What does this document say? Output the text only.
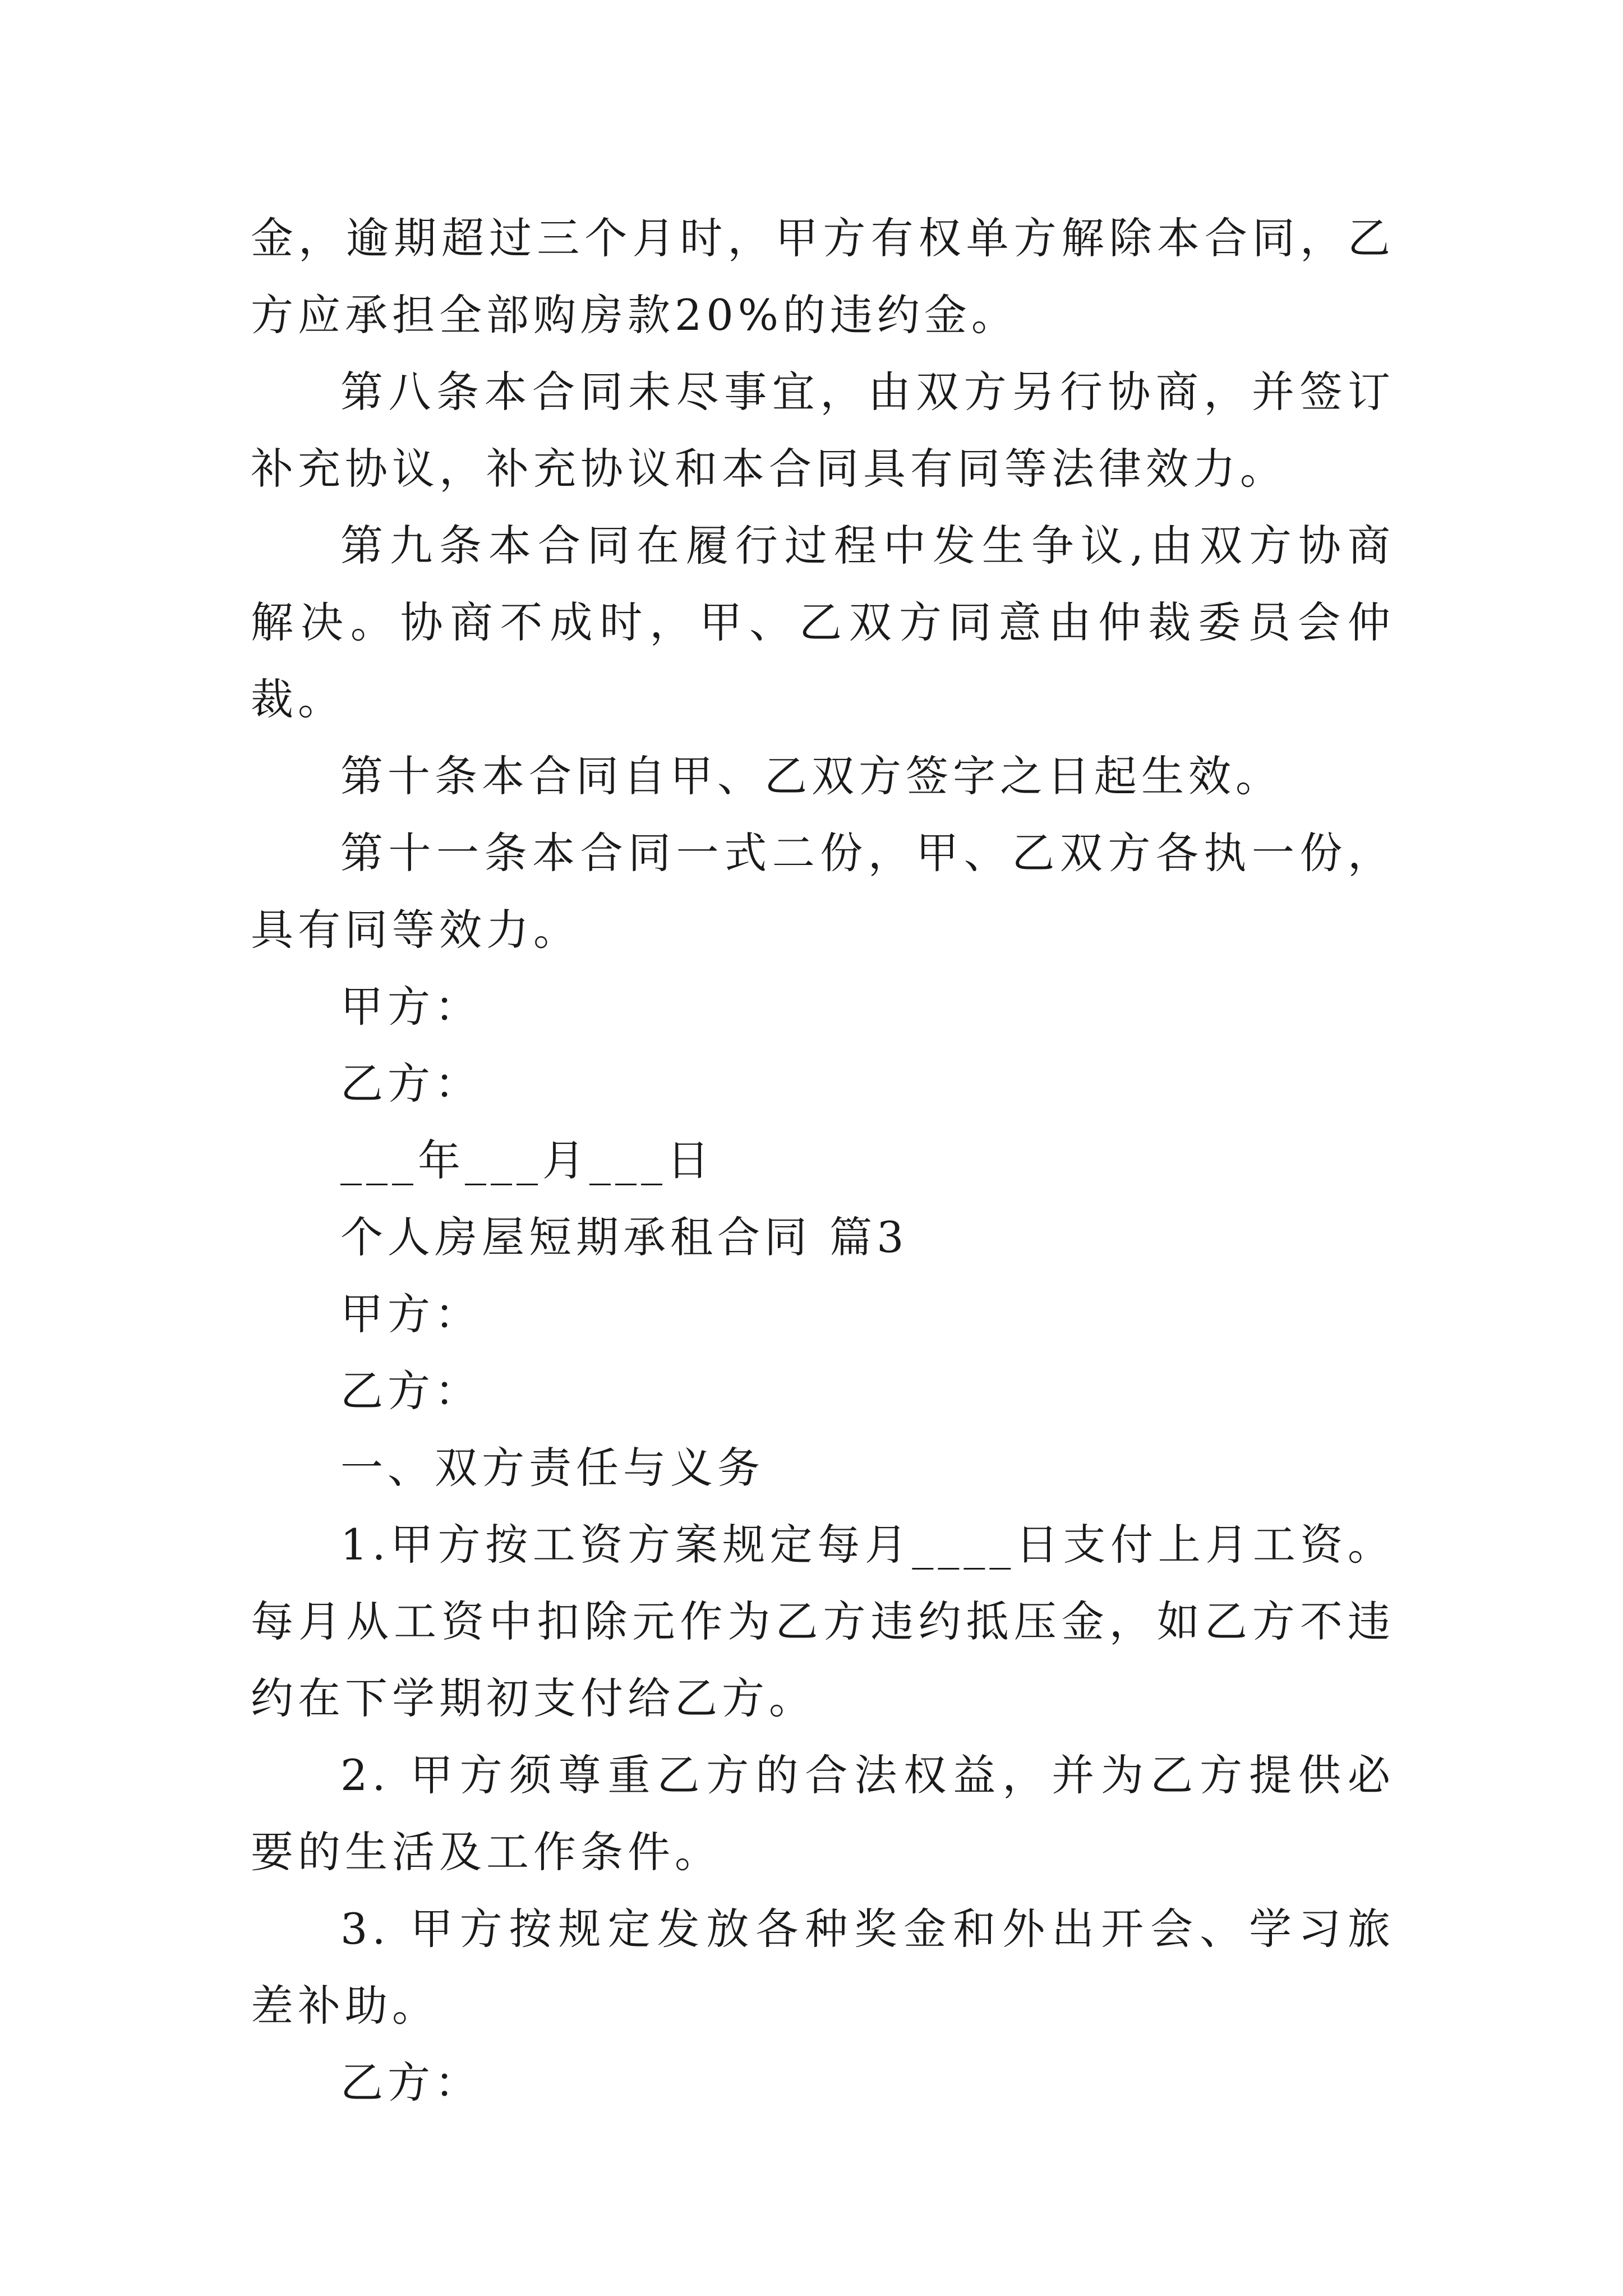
金，逾期超过三个月时，甲方有权单方解除本合同，乙方应承担全部购房款20%的违约金。

第八条本合同未尽事宜，由双方另行协商，并签订补充协议，补充协议和本合同具有同等法律效力。

第九条本合同在履行过程中发生争议,由双方协商解决。协商不成时，甲、乙双方同意由仲裁委员会仲裁。

第十条本合同自甲、乙双方签字之日起生效。

第十一条本合同一式二份，甲、乙双方各执一份，具有同等效力。

甲方：

乙方：

___年___月___日

个人房屋短期承租合同 篇3

甲方：

乙方：

一、双方责任与义务

1.甲方按工资方案规定每月____日支付上月工资。每月从工资中扣除元作为乙方违约抵压金，如乙方不违约在下学期初支付给乙方。

2. 甲方须尊重乙方的合法权益，并为乙方提供必要的生活及工作条件。

3. 甲方按规定发放各种奖金和外出开会、学习旅差补助。

乙方：
